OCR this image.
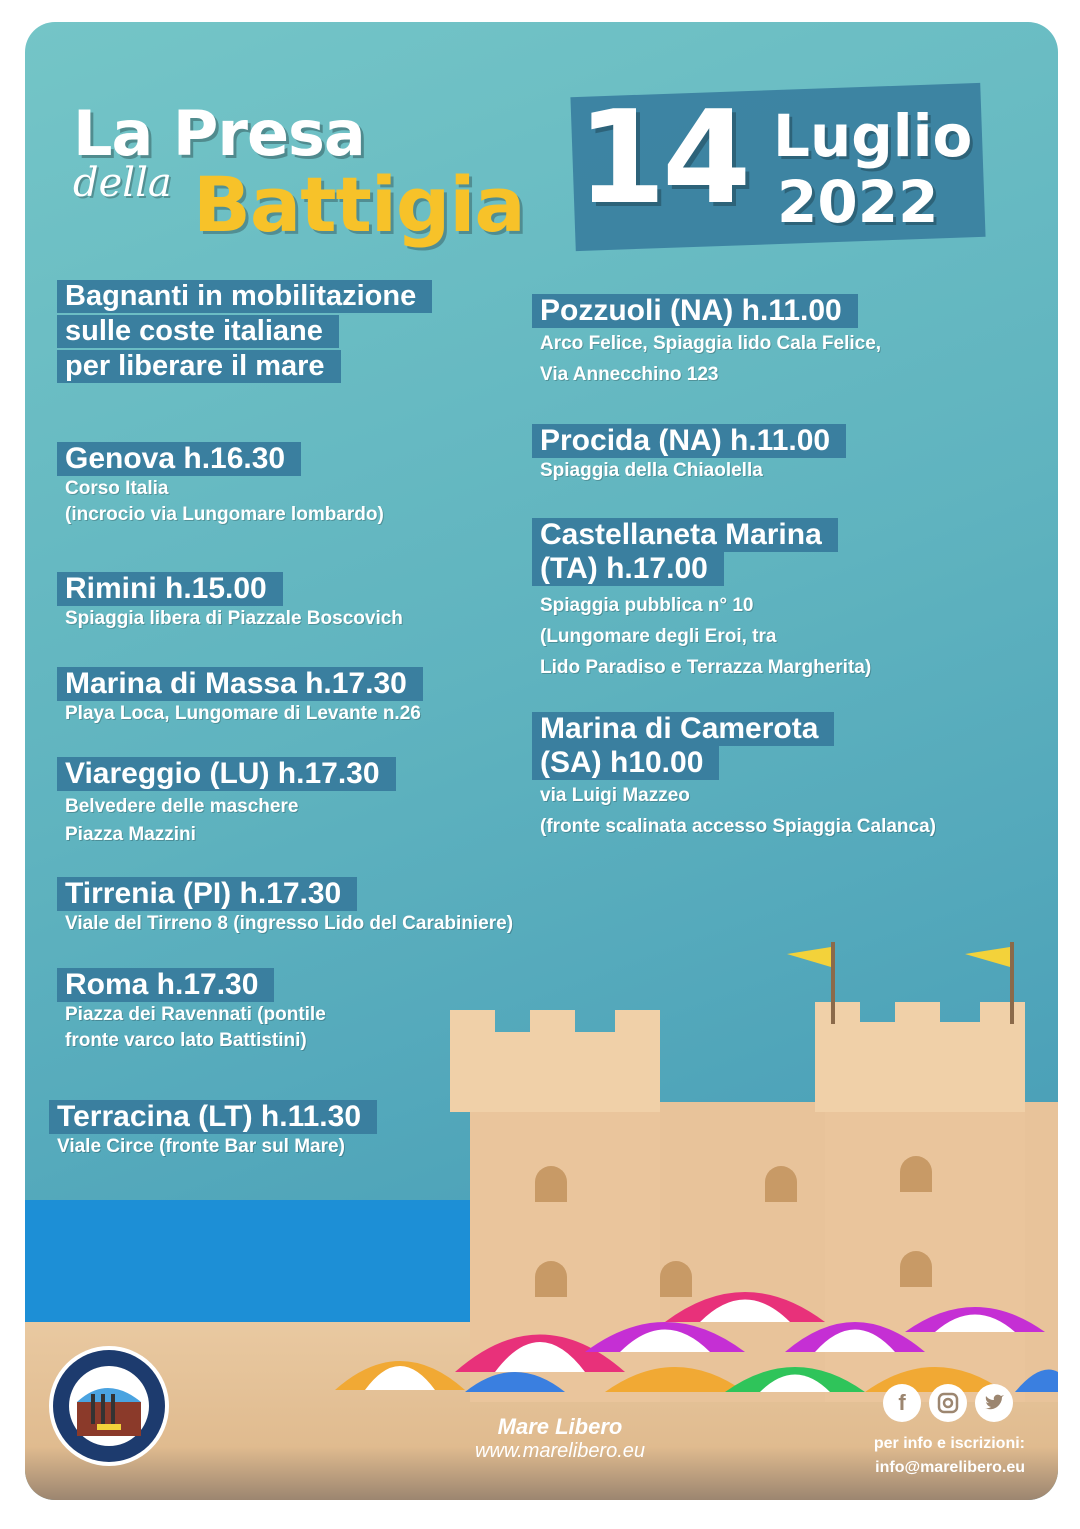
La Presa
della Battigia 14 Luglio
2022
Bagnanti in mobilitazione
sulle coste italiane
per liberare il mare
Genova h.16.30
Corso Italia
(incrocio via Lungomare lombardo)
Rimini h.15.00
Spiaggia libera di Piazzale Boscovich
Marina di Massa h.17.30
Playa Loca, Lungomare di Levante n.26
Viareggio (LU) h.17.30
Belvedere delle maschere
Piazza Mazzini
Tirrenia (PI) h.17.30
Viale del Tirreno 8 (ingresso Lido del Carabiniere)
Roma h.17.30
Piazza dei Ravennati (pontile
fronte varco lato Battistini)
Terracina (LT) h.11.30
Viale Circe (fronte Bar sul Mare)
Pozzuoli (NA) h.11.00
Arco Felice, Spiaggia lido Cala Felice,
Via Annecchino 123
Procida (NA) h.11.00
Spiaggia della Chiaolella
Castellaneta Marina
(TA) h.17.00
Spiaggia pubblica n° 10
(Lungomare degli Eroi, tra
Lido Paradiso e Terrazza Margherita)
Marina di Camerota
(SA) h10.00
via Luigi Mazzeo
(fronte scalinata accesso Spiaggia Calanca)
Mare Libero
www.marelibero.eu
f
per info e iscrizioni:
info@marelibero.eu
